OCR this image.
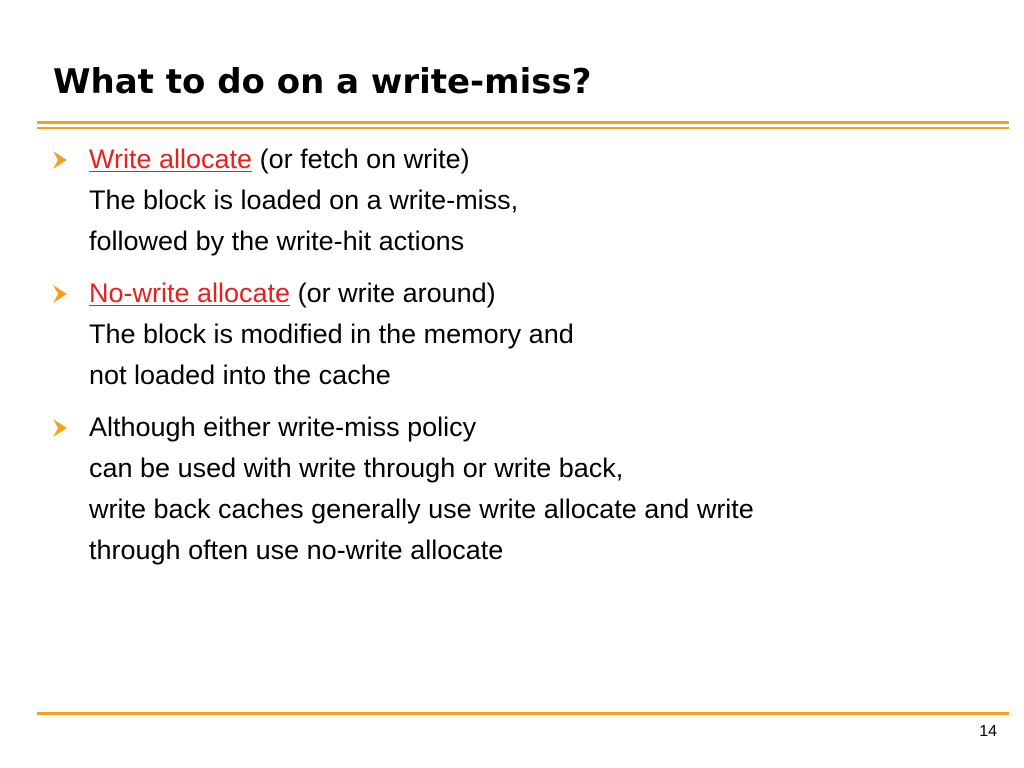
What to do on a write-miss?
Write allocate (or fetch on write)
The block is loaded on a write-miss,
followed by the write-hit actions
No-write allocate (or write around)
The block is modified in the memory and
not loaded into the cache
Although either write-miss policy
can be used with write through or write back,
write back caches generally use write allocate and write
through often use no-write allocate
14
